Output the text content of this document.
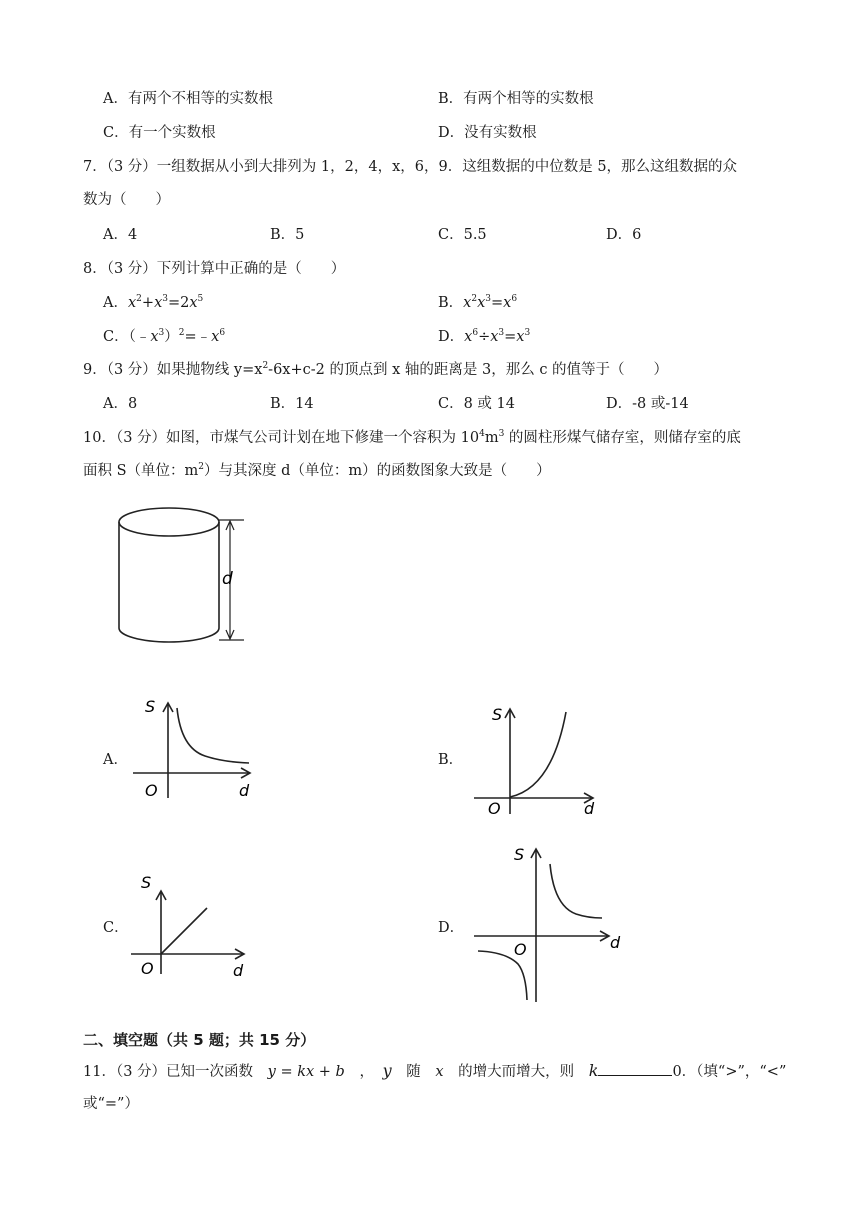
A．有两个不相等的实数根	B．有两个相等的实数根
C．有一个实数根	D．没有实数根
7．（3 分）一组数据从小到大排列为 1，2，4，x，6，9．这组数据的中位数是 5，那么这组数据的众
数为（　　）
A．4	B．5	C．5.5	D．6
8．（3 分）下列计算中正确的是（　　）
A．$x^2+x^3=2x^5$	B．$x^2x^3=x^6$
C．$(﹣x^3)^2=﹣x^6$	D．$x^6\div x^3=x^3$
9．（3 分）如果抛物线 $y=x^2-6x+c-2$ 的顶点到 x 轴的距离是 3，那么 c 的值等于（　　）
A．8	B．14	C．8 或 14	D．-8 或-14
10．（3 分）如图，市煤气公司计划在地下修建一个容积为 $10^4m^3$ 的圆柱形煤气储存室，则储存室的底
面积 S（单位：$m^2$）与其深度 d（单位：m）的函数图象大致是（　　）
d
A．
S
O	d
B．
S
O	d
C．
S
O	d
D．
S
O	d
二、填空题（共 5 题；共 15 分）
11．（3 分）已知一次函数 y = kx + b ， y 随 x 的增大而增大，则 k	0．（填“>”，“<”
或“=”）
